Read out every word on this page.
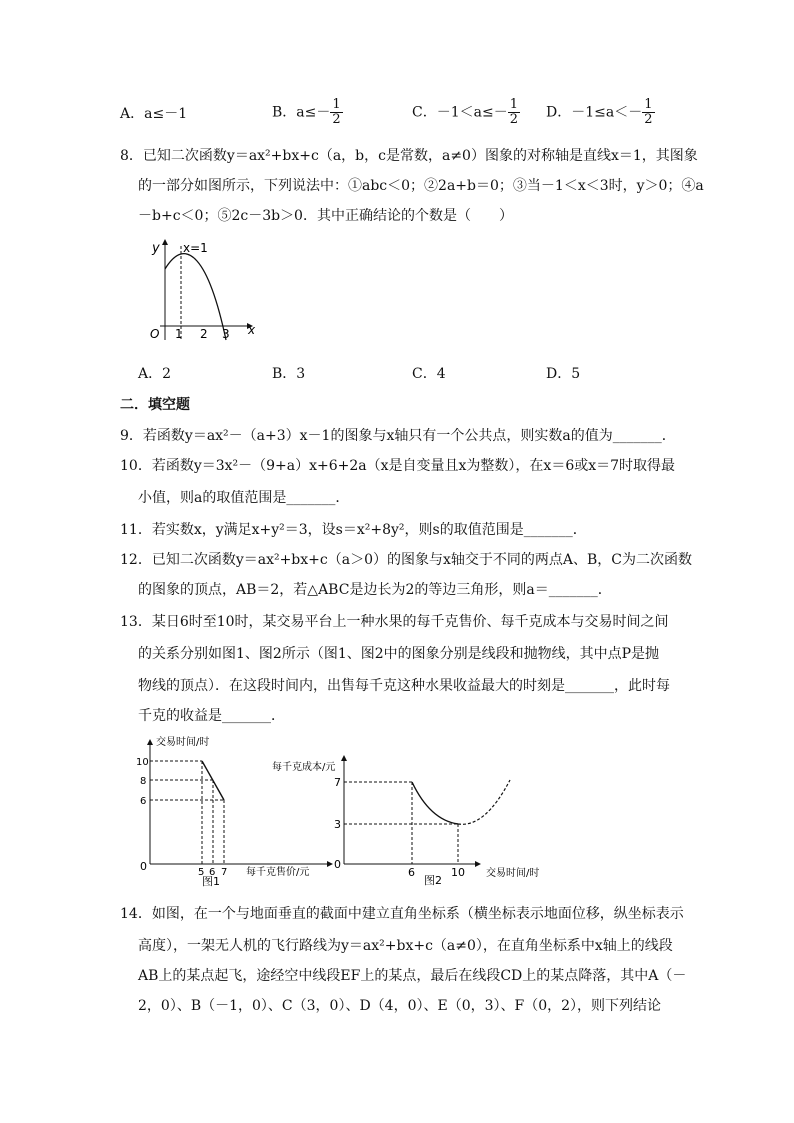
A．a≤－1	B．$a\le- \frac{1}{2}$	C．$-1<a\le- \frac{1}{2}$ D．$-1\le a<- \frac{1}{2}$
8．已知二次函数y＝ax²+bx+c（a，b，c是常数，a≠0）图象的对称轴是直线x＝1，其图象
的一部分如图所示，下列说法中：①abc＜0；②2a+b＝0；③当－1＜x＜3时，y＞0；④a
－b+c＜0；⑤2c－3b＞0．其中正确结论的个数是（　　）
y x=1
x
O 1 2 3
A．2	B．3	C．4	D．5
二．填空题
9．若函数y＝ax²－（a+3）x－1的图象与x轴只有一个公共点，则实数a的值为_______．
10．若函数y＝3x²－（9+a）x+6+2a（x是自变量且x为整数），在x＝6或x＝7时取得最
小值，则a的取值范围是_______．
11．若实数x，y满足x+y²＝3，设s＝x²+8y²，则s的取值范围是_______．
12．已知二次函数y＝ax²+bx+c（a＞0）的图象与x轴交于不同的两点A、B，C为二次函数
的图象的顶点，AB＝2，若△ABC是边长为2的等边三角形，则a＝_______．
13．某日6时至10时，某交易平台上一种水果的每千克售价、每千克成本与交易时间之间
的关系分别如图1、图2所示（图1、图2中的图象分别是线段和抛物线，其中点P是抛
物线的顶点）．在这段时间内，出售每千克这种水果收益最大的时刻是_______，此时每
千克的收益是_______．
交易时间/时
10
8
6
0	5 6 7 每千克售价/元
图1
每千克成本/元
7
3
0
6	10 交易时间/时
图2
14．如图，在一个与地面垂直的截面中建立直角坐标系（横坐标表示地面位移，纵坐标表示
高度），一架无人机的飞行路线为y＝ax²+bx+c（a≠0），在直角坐标系中x轴上的线段
AB上的某点起飞，途经空中线段EF上的某点，最后在线段CD上的某点降落，其中A（－
2，0）、B（－1，0）、C（3，0）、D（4，0）、E（0，3）、F（0，2），则下列结论
